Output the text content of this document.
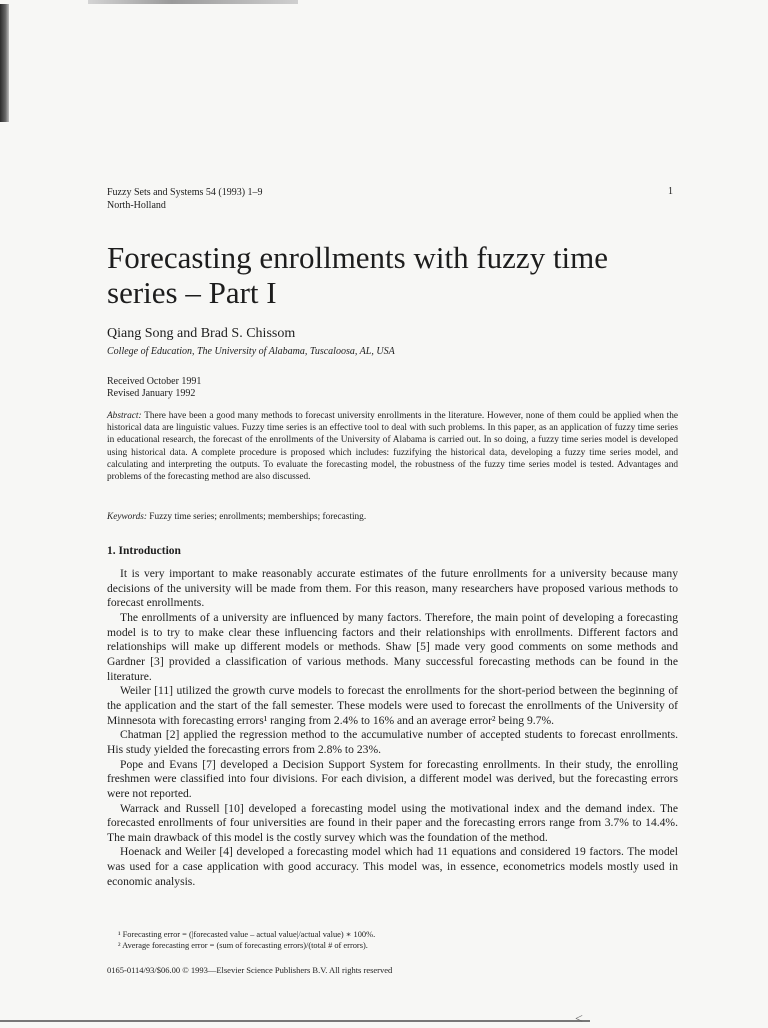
Fuzzy Sets and Systems 54 (1993) 1–9
North-Holland
1
Forecasting enrollments with fuzzy time series – Part I
Qiang Song and Brad S. Chissom
College of Education, The University of Alabama, Tuscaloosa, AL, USA
Received October 1991
Revised January 1992
Abstract: There have been a good many methods to forecast university enrollments in the literature. However, none of them could be applied when the historical data are linguistic values. Fuzzy time series is an effective tool to deal with such problems. In this paper, as an application of fuzzy time series in educational research, the forecast of the enrollments of the University of Alabama is carried out. In so doing, a fuzzy time series model is developed using historical data. A complete procedure is proposed which includes: fuzzifying the historical data, developing a fuzzy time series model, and calculating and interpreting the outputs. To evaluate the forecasting model, the robustness of the fuzzy time series model is tested. Advantages and problems of the forecasting method are also discussed.
Keywords: Fuzzy time series; enrollments; memberships; forecasting.
1. Introduction

It is very important to make reasonably accurate estimates of the future enrollments for a university because many decisions of the university will be made from them. For this reason, many researchers have proposed various methods to forecast enrollments.

The enrollments of a university are influenced by many factors. Therefore, the main point of developing a forecasting model is to try to make clear these influencing factors and their relationships with enrollments. Different factors and relationships will make up different models or methods. Shaw [5] made very good comments on some methods and Gardner [3] provided a classification of various methods. Many successful forecasting methods can be found in the literature.

Weiler [11] utilized the growth curve models to forecast the enrollments for the short-period between the beginning of the application and the start of the fall semester. These models were used to forecast the enrollments of the University of Minnesota with forecasting errors¹ ranging from 2.4% to 16% and an average error² being 9.7%.

Chatman [2] applied the regression method to the accumulative number of accepted students to forecast enrollments. His study yielded the forecasting errors from 2.8% to 23%.

Pope and Evans [7] developed a Decision Support System for forecasting enrollments. In their study, the enrolling freshmen were classified into four divisions. For each division, a different model was derived, but the forecasting errors were not reported.

Warrack and Russell [10] developed a forecasting model using the motivational index and the demand index. The forecasted enrollments of four universities are found in their paper and the forecasting errors range from 3.7% to 14.4%. The main drawback of this model is the costly survey which was the foundation of the method.

Hoenack and Weiler [4] developed a forecasting model which had 11 equations and considered 19 factors. The model was used for a case application with good accuracy. This model was, in essence, econometrics models mostly used in economic analysis.

¹ Forecasting error = (|forecasted value – actual value|/actual value) ∗ 100%.
² Average forecasting error = (sum of forecasting errors)/(total # of errors).
0165-0114/93/$06.00 © 1993—Elsevier Science Publishers B.V. All rights reserved
<
